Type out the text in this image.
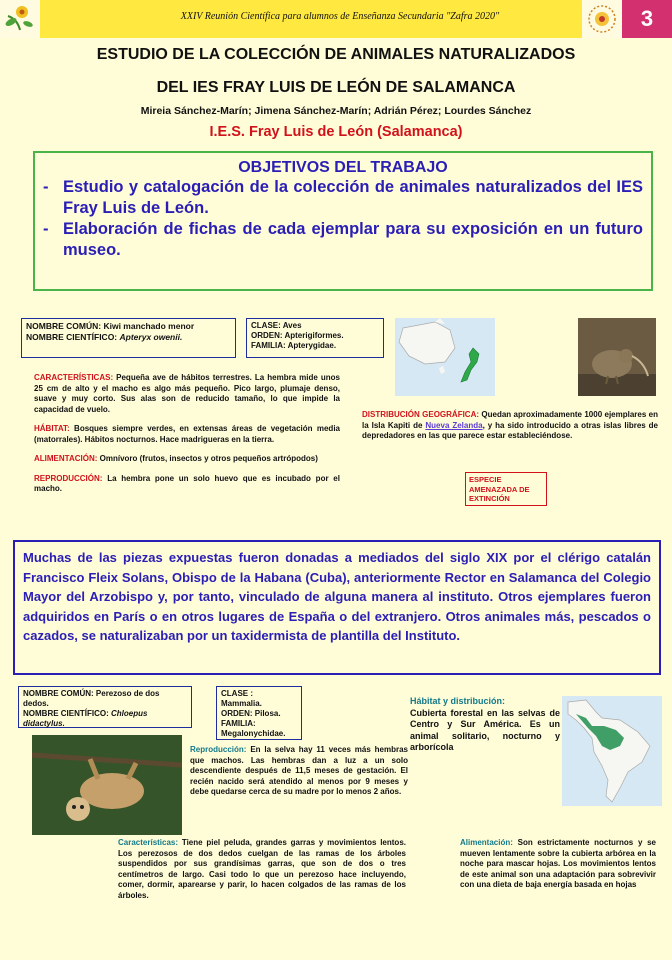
XXIV Reunión Científica para alumnos de Enseñanza Secundaria "Zafra 2020"	3
ESTUDIO DE LA COLECCIÓN DE ANIMALES NATURALIZADOS
DEL IES FRAY LUIS DE LEÓN DE SALAMANCA
Mireia Sánchez-Marín; Jimena Sánchez-Marín; Adrián Pérez; Lourdes Sánchez
I.E.S. Fray Luis de León (Salamanca)
OBJETIVOS DEL TRABAJO
- Estudio y catalogación de la colección de animales naturalizados del IES Fray Luis de León.
- Elaboración de fichas de cada ejemplar para su exposición en un futuro museo.
NOMBRE COMÚN: Kiwi manchado menor
NOMBRE CIENTÍFICO: Apteryx owenii.
CLASE: Aves
ORDEN: Apterigiformes.
FAMILIA: Apterygidae.
CARACTERÍSTICAS: Pequeña ave de hábitos terrestres. La hembra mide unos 25 cm de alto y el macho es algo más pequeño. Pico largo, plumaje denso, suave y muy corto. Sus alas son de reducido tamaño, lo que impide la capacidad de vuelo.
HÁBITAT: Bosques siempre verdes, en extensas áreas de vegetación media (matorrales). Hábitos nocturnos. Hace madrigueras en la tierra.
ALIMENTACIÓN: Omnívoro (frutos, insectos y otros pequeños artrópodos)
REPRODUCCIÓN: La hembra pone un solo huevo que es incubado por el macho.
DISTRIBUCIÓN GEOGRÁFICA: Quedan aproximadamente 1000 ejemplares en la Isla Kapiti de Nueva Zelanda, y ha sido introducido a otras islas libres de depredadores en las que parece estar estableciéndose.
ESPECIE AMENAZADA DE EXTINCIÓN
Muchas de las piezas expuestas fueron donadas a mediados del siglo XIX por el clérigo catalán Francisco Fleix Solans, Obispo de la Habana (Cuba), anteriormente Rector en Salamanca del Colegio Mayor del Arzobispo y, por tanto, vinculado de alguna manera al instituto. Otros ejemplares fueron adquiridos en París o en otros lugares de España o del extranjero. Otros animales más, pescados o cazados, se naturalizaban por un taxidermista de plantilla del Instituto.
NOMBRE COMÚN: Perezoso de dos dedos.
NOMBRE CIENTÍFICO: Chloepus didactylus.
CLASE :
Mammalia.
ORDEN: Pilosa.
FAMILIA:
Megalonychidae.
Hábitat y distribución:
Cubierta forestal en las selvas de Centro y Sur América. Es un animal solitario, nocturno y arborícola
Reproducción: En la selva hay 11 veces más hembras que machos. Las hembras dan a luz a un solo descendiente después de 11,5 meses de gestación. El recién nacido será atendido al menos por 9 meses y debe quedarse cerca de su madre por lo menos 2 años.
Características: Tiene piel peluda, grandes garras y movimientos lentos. Los perezosos de dos dedos cuelgan de las ramas de los árboles suspendidos por sus grandísimas garras, que son de dos o tres centímetros de largo. Casi todo lo que un perezoso hace incluyendo, comer, dormir, aparearse y parir, lo hacen colgados de las ramas de los árboles.
Alimentación: Son estrictamente nocturnos y se mueven lentamente sobre la cubierta arbórea en la noche para mascar hojas. Los movimientos lentos de este animal son una adaptación para sobrevivir con una dieta de baja energía basada en hojas
